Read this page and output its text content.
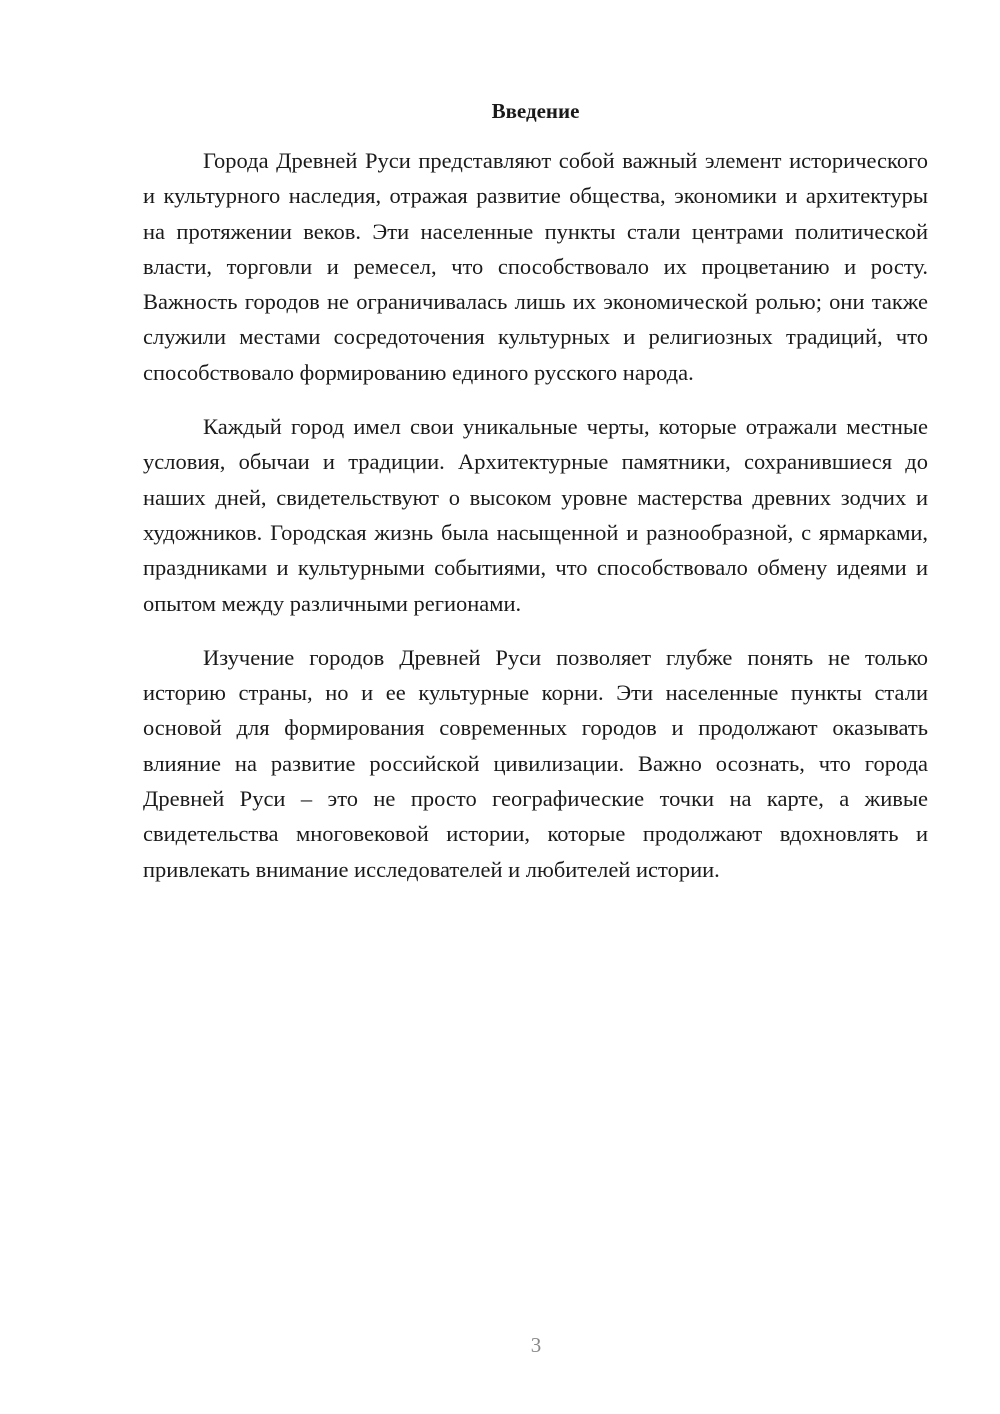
Введение

Города Древней Руси представляют собой важный элемент исторического и культурного наследия, отражая развитие общества, экономики и архитектуры на протяжении веков. Эти населенные пункты стали центрами политической власти, торговли и ремесел, что способствовало их процветанию и росту. Важность городов не ограничивалась лишь их экономической ролью; они также служили местами сосредоточения культурных и религиозных традиций, что способствовало формированию единого русского народа.

Каждый город имел свои уникальные черты, которые отражали местные условия, обычаи и традиции. Архитектурные памятники, сохранившиеся до наших дней, свидетельствуют о высоком уровне мастерства древних зодчих и художников. Городская жизнь была насыщенной и разнообразной, с ярмарками, праздниками и культурными событиями, что способствовало обмену идеями и опытом между различными регионами.

Изучение городов Древней Руси позволяет глубже понять не только историю страны, но и ее культурные корни. Эти населенные пункты стали основой для формирования современных городов и продолжают оказывать влияние на развитие российской цивилизации. Важно осознать, что города Древней Руси – это не просто географические точки на карте, а живые свидетельства многовековой истории, которые продолжают вдохновлять и привлекать внимание исследователей и любителей истории.

3
